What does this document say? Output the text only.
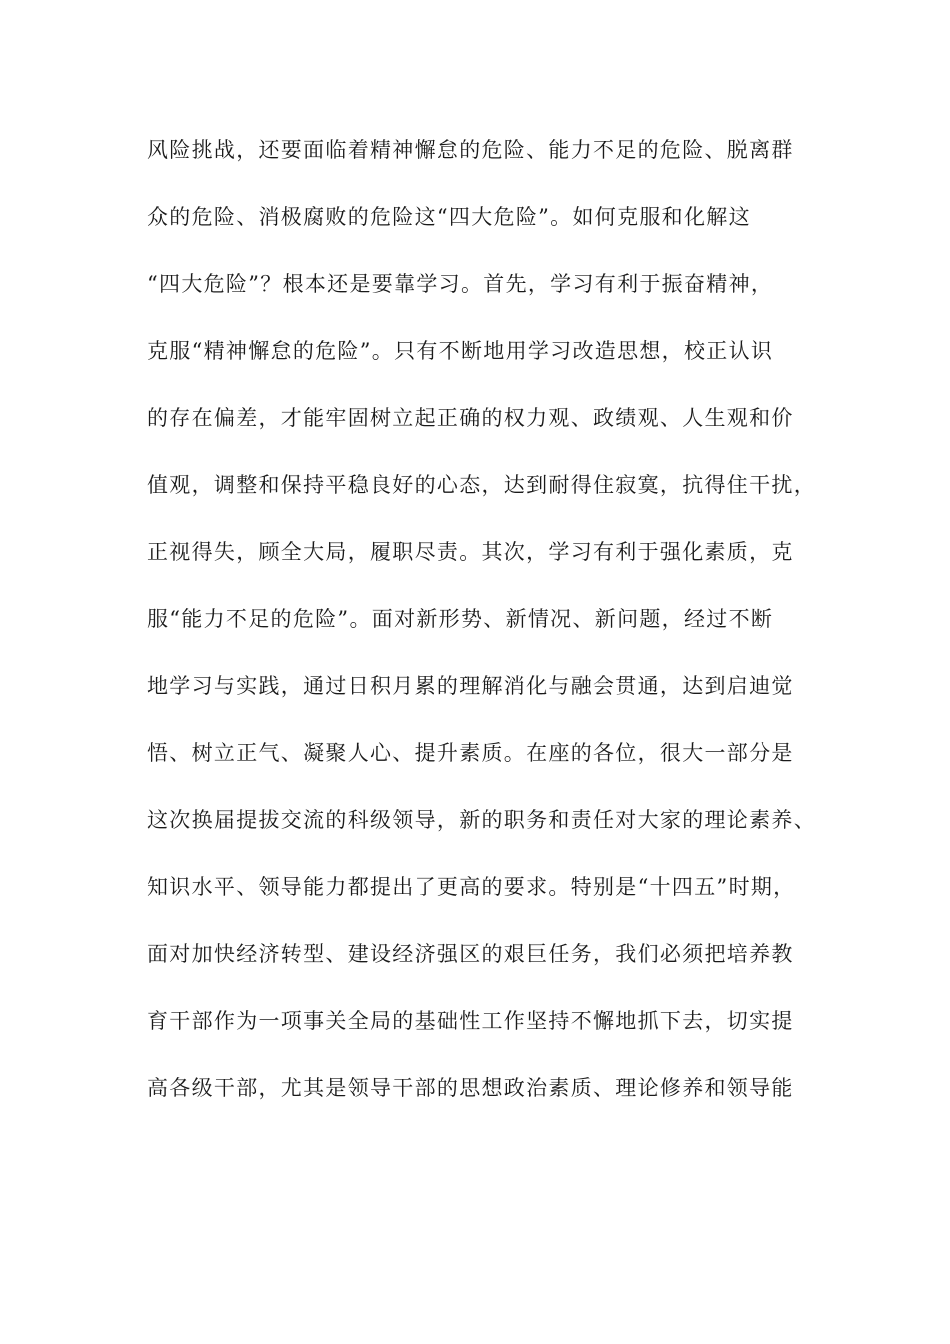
风险挑战，还要面临着精神懈怠的危险、能力不足的危险、脱离群
众的危险、消极腐败的危险这“四大危险”。如何克服和化解这
“四大危险”？根本还是要靠学习。首先，学习有利于振奋精神，
克服“精神懈怠的危险”。只有不断地用学习改造思想，校正认识
的存在偏差，才能牢固树立起正确的权力观、政绩观、人生观和价
值观，调整和保持平稳良好的心态，达到耐得住寂寞，抗得住干扰，
正视得失，顾全大局，履职尽责。其次，学习有利于强化素质，克
服“能力不足的危险”。面对新形势、新情况、新问题，经过不断
地学习与实践，通过日积月累的理解消化与融会贯通，达到启迪觉
悟、树立正气、凝聚人心、提升素质。在座的各位，很大一部分是
这次换届提拔交流的科级领导，新的职务和责任对大家的理论素养、
知识水平、领导能力都提出了更高的要求。特别是“十四五”时期，
面对加快经济转型、建设经济强区的艰巨任务，我们必须把培养教
育干部作为一项事关全局的基础性工作坚持不懈地抓下去，切实提
高各级干部，尤其是领导干部的思想政治素质、理论修养和领导能
